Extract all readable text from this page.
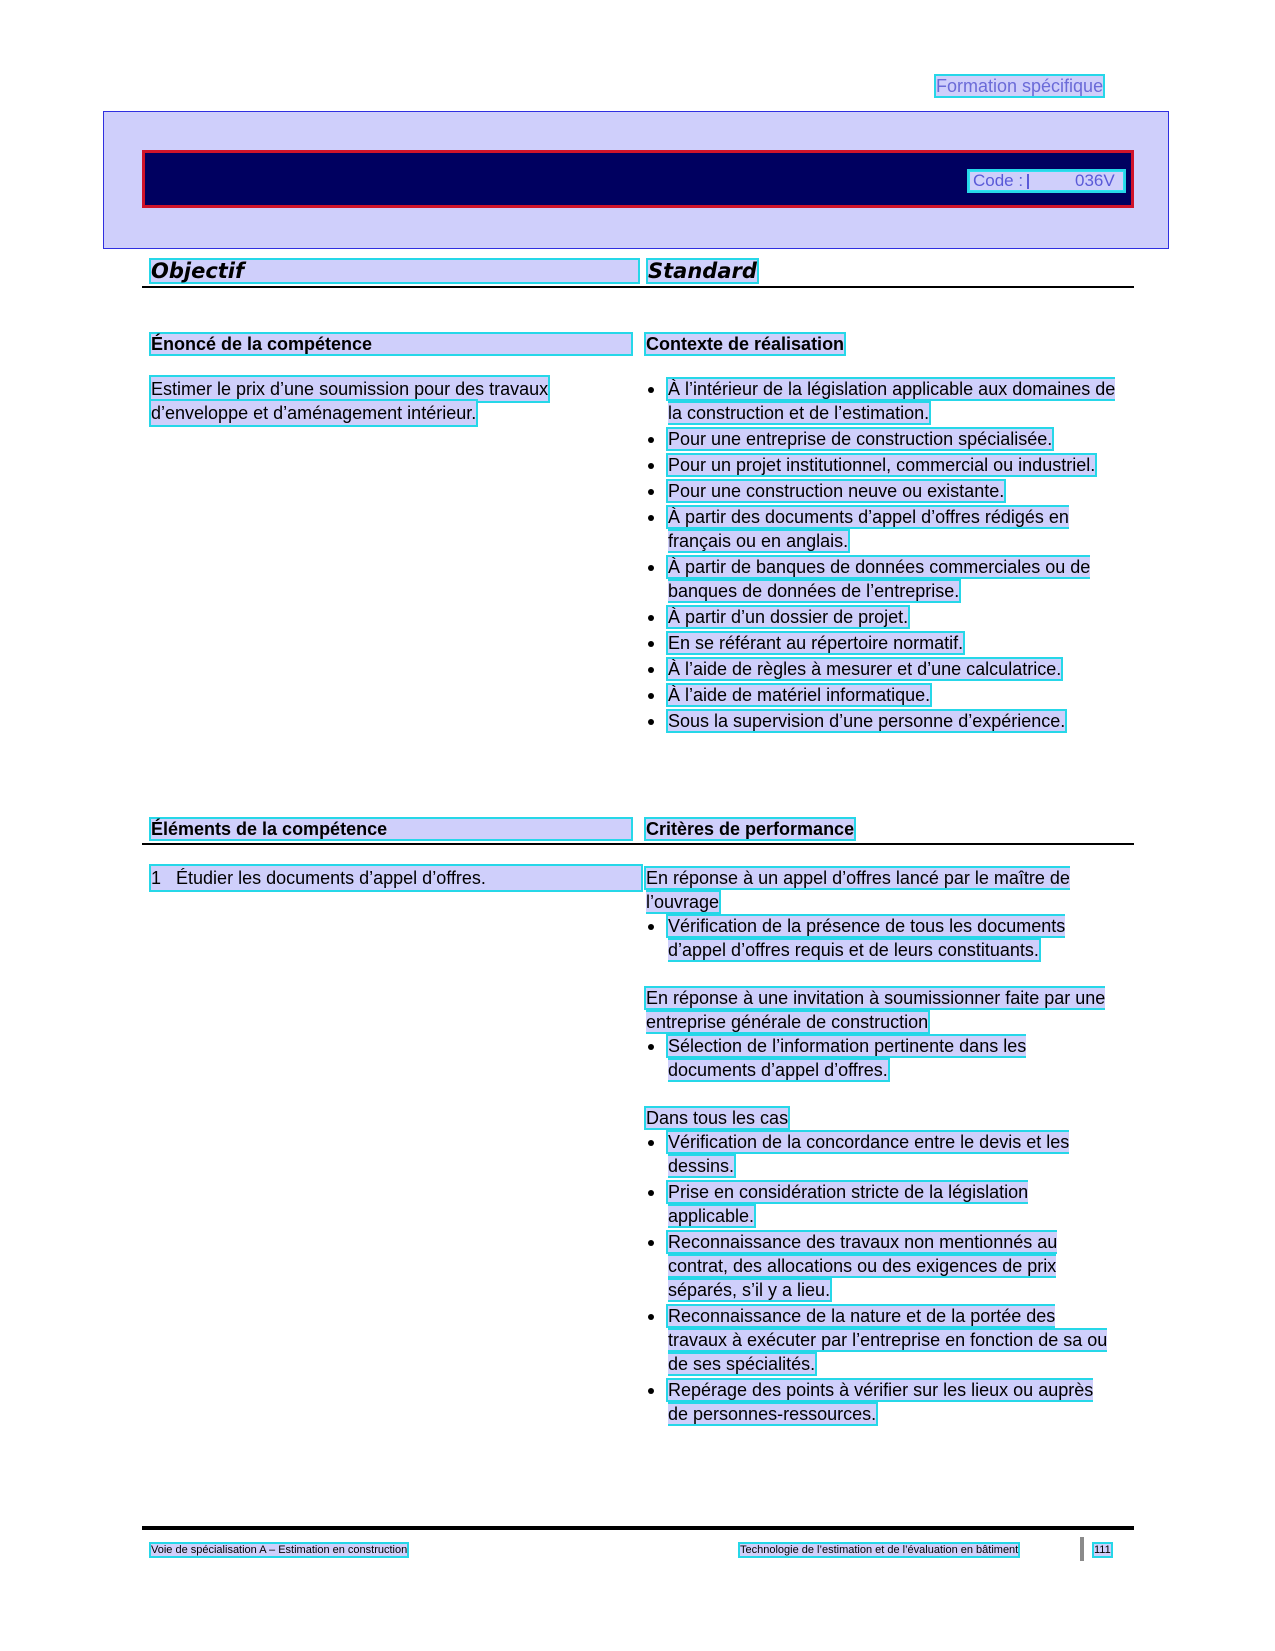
Formation spécifique
Code :	036V
Objectif	Standard
Énoncé de la compétence	Contexte de réalisation
Estimer le prix d’une soumission pour des travaux
d’enveloppe et d’aménagement intérieur.
À l’intérieur de la législation applicable aux domaines de la construction et de l’estimation.
Pour une entreprise de construction spécialisée.
Pour un projet institutionnel, commercial ou industriel.
Pour une construction neuve ou existante.
À partir des documents d’appel d’offres rédigés en français ou en anglais.
À partir de banques de données commerciales ou de banques de données de l’entreprise.
À partir d’un dossier de projet.
En se référant au répertoire normatif.
À l’aide de règles à mesurer et d’une calculatrice.
À l’aide de matériel informatique.
Sous la supervision d’une personne d’expérience.
Éléments de la compétence	Critères de performance
1 Étudier les documents d’appel d’offres.	En réponse à un appel d’offres lancé par le maître de l’ouvrage
Vérification de la présence de tous les documents d’appel d’offres requis et de leurs constituants.
En réponse à une invitation à soumissionner faite par une entreprise générale de construction
Sélection de l’information pertinente dans les documents d’appel d’offres.
Dans tous les cas
Vérification de la concordance entre le devis et les dessins.
Prise en considération stricte de la législation applicable.
Reconnaissance des travaux non mentionnés au contrat, des allocations ou des exigences de prix séparés, s’il y a lieu.
Reconnaissance de la nature et de la portée des travaux à exécuter par l’entreprise en fonction de sa ou de ses spécialités.
Repérage des points à vérifier sur les lieux ou auprès de personnes-ressources.
Voie de spécialisation A – Estimation en construction	Technologie de l’estimation et de l’évaluation en bâtiment	111
